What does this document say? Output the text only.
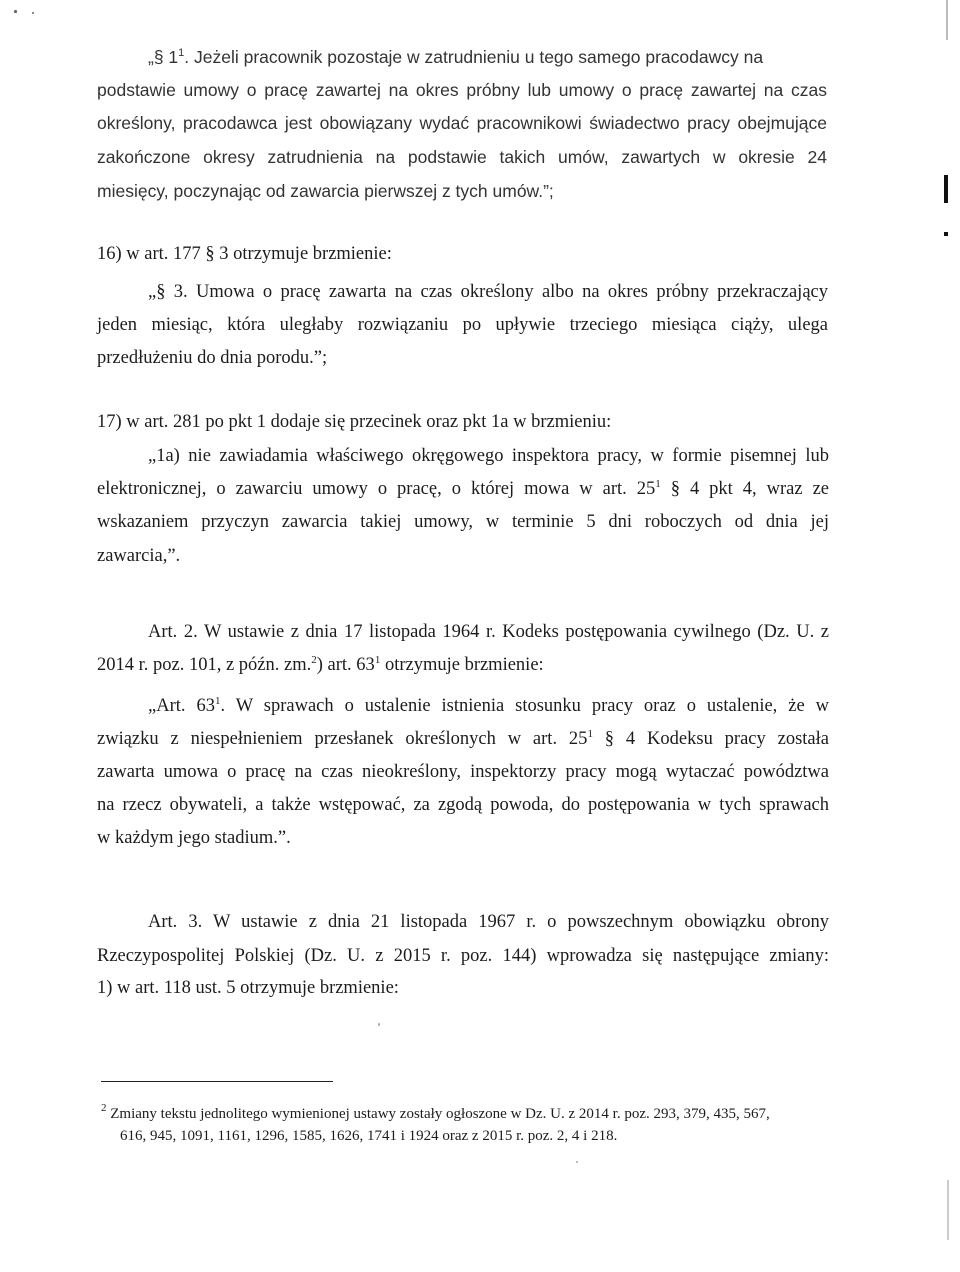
„§ $1^1$. Jeżeli pracownik pozostaje w zatrudnieniu u tego samego pracodawcy na
podstawie umowy o pracę zawartej na okres próbny lub umowy o pracę zawartej na czas
określony, pracodawca jest obowiązany wydać pracownikowi świadectwo pracy obejmujące
zakończone okresy zatrudnienia na podstawie takich umów, zawartych w okresie 24
miesięcy, poczynając od zawarcia pierwszej z tych umów.”;
16) w art. 177 § 3 otrzymuje brzmienie:
„§ 3. Umowa o pracę zawarta na czas określony albo na okres próbny przekraczający
jeden miesiąc, która uległaby rozwiązaniu po upływie trzeciego miesiąca ciąży, ulega
przedłużeniu do dnia porodu.”;
17) w art. 281 po pkt 1 dodaje się przecinek oraz pkt 1a w brzmieniu:
„1a) nie zawiadamia właściwego okręgowego inspektora pracy, w formie pisemnej lub
elektronicznej, o zawarciu umowy o pracę, o której mowa w art. $25^1$ § 4 pkt 4, wraz ze
wskazaniem przyczyn zawarcia takiej umowy, w terminie 5 dni roboczych od dnia jej
zawarcia,”.
Art. 2. W ustawie z dnia 17 listopada 1964 r. Kodeks postępowania cywilnego (Dz. U. z
2014 r. poz. 101, z późn. zm.$^2$) art. $63^1$ otrzymuje brzmienie:
„Art. $63^1$. W sprawach o ustalenie istnienia stosunku pracy oraz o ustalenie, że w
związku z niespełnieniem przesłanek określonych w art. $25^1$ § 4 Kodeksu pracy została
zawarta umowa o pracę na czas nieokreślony, inspektorzy pracy mogą wytaczać powództwa
na rzecz obywateli, a także wstępować, za zgodą powoda, do postępowania w tych sprawach
w każdym jego stadium.”.
Art. 3. W ustawie z dnia 21 listopada 1967 r. o powszechnym obowiązku obrony
Rzeczypospolitej Polskiej (Dz. U. z 2015 r. poz. 144) wprowadza się następujące zmiany:
1) w art. 118 ust. 5 otrzymuje brzmienie:
$^2$ Zmiany tekstu jednolitego wymienionej ustawy zostały ogłoszone w Dz. U. z 2014 r. poz. 293, 379, 435, 567,
616, 945, 1091, 1161, 1296, 1585, 1626, 1741 i 1924 oraz z 2015 r. poz. 2, 4 i 218.
